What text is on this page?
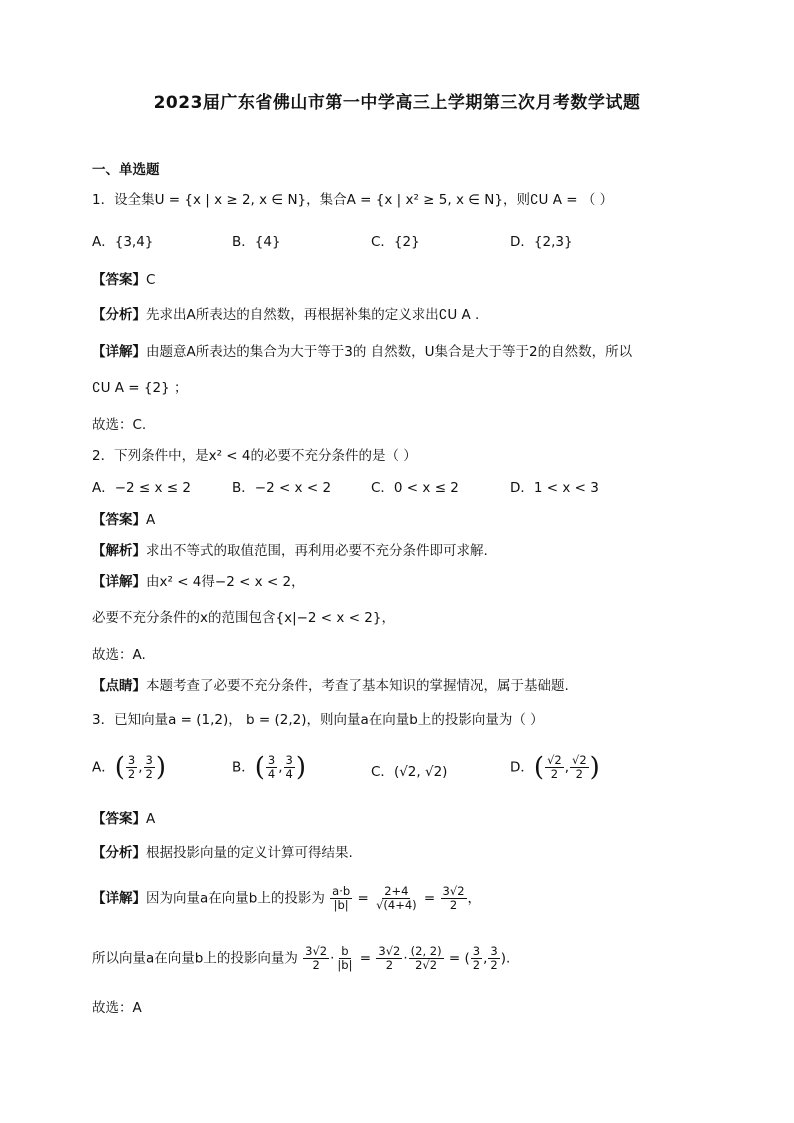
2023届广东省佛山市第一中学高三上学期第三次月考数学试题
一、单选题
1．设全集U = {x | x ≥ 2, x ∈ N}，集合A = {x | x² ≥ 5, x ∈ N}，则∁U A = （ ）
A．{3,4}	B．{4}	C．{2}	D．{2,3}
【答案】C
【分析】先求出A所表达的自然数，再根据补集的定义求出∁U A .
【详解】由题意A所表达的集合为大于等于3的 自然数，U集合是大于等于2的自然数，所以
∁U A = {2} ；
故选：C.
2．下列条件中，是x² < 4的必要不充分条件的是（ ）
A．−2 ≤ x ≤ 2	B．−2 < x < 2	C．0 < x ≤ 2	D．1 < x < 3
【答案】A
【解析】求出不等式的取值范围，再利用必要不充分条件即可求解.
【详解】由x² < 4得−2 < x < 2，
必要不充分条件的x的范围包含{x|−2 < x < 2}，
故选：A.
【点睛】本题考查了必要不充分条件，考查了基本知识的掌握情况，属于基础题.
3．已知向量a = (1,2)， b = (2,2)，则向量a在向量b上的投影向量为（ ）
A．( $\frac{3}{2}$ , $\frac{3}{2}$ )	B．( $\frac{3}{4}$ , $\frac{3}{4}$ )	C．(√2, √2)	D．( $\frac{√2}{2}$ , $\frac{√2}{2}$ )
【答案】A
【分析】根据投影向量的定义计算可得结果.
【详解】因为向量a在向量b上的投影为 $\frac{a\cdot b}{|b|} = \frac{2+4}{√(4+4)} = \frac{3√2}{2}$ ，
所以向量a在向量b上的投影向量为 $\frac{3√2}{2} \cdot \frac{b}{|b|} = \frac{3√2}{2} \cdot \frac{(2, 2)}{2√2}$ = ( $\frac{3}{2}$ , $\frac{3}{2}$ ).
故选：A
